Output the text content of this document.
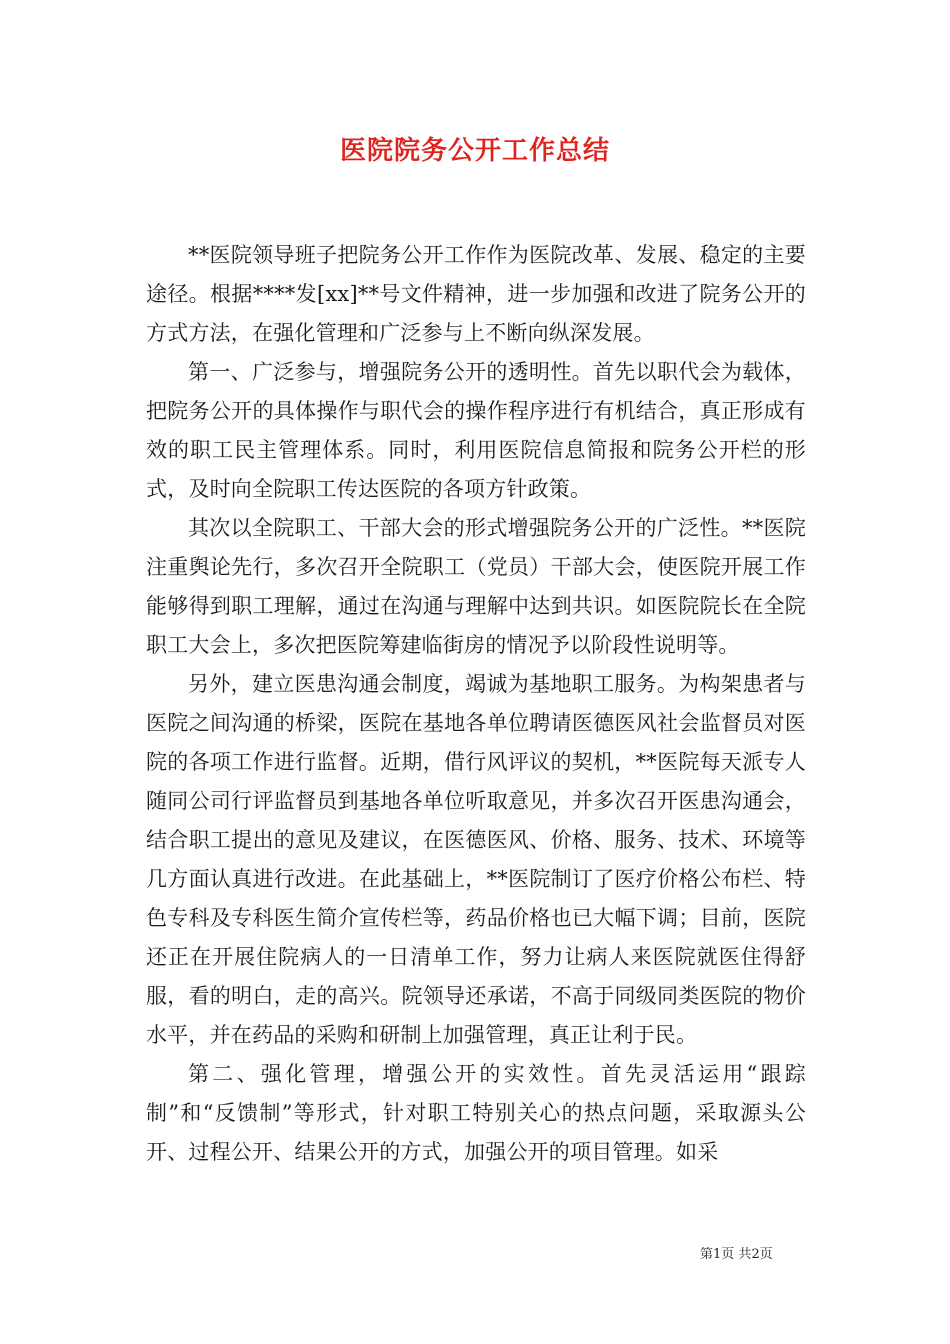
医院院务公开工作总结

**医院领导班子把院务公开工作作为医院改革、发展、稳定的主要途径。根据****发[xx]**号文件精神，进一步加强和改进了院务公开的方式方法，在强化管理和广泛参与上不断向纵深发展。

第一、广泛参与，增强院务公开的透明性。首先以职代会为载体，把院务公开的具体操作与职代会的操作程序进行有机结合，真正形成有效的职工民主管理体系。同时，利用医院信息简报和院务公开栏的形式，及时向全院职工传达医院的各项方针政策。

其次以全院职工、干部大会的形式增强院务公开的广泛性。**医院注重舆论先行，多次召开全院职工（党员）干部大会，使医院开展工作能够得到职工理解，通过在沟通与理解中达到共识。如医院院长在全院职工大会上，多次把医院筹建临街房的情况予以阶段性说明等。

另外，建立医患沟通会制度，竭诚为基地职工服务。为构架患者与医院之间沟通的桥梁，医院在基地各单位聘请医德医风社会监督员对医院的各项工作进行监督。近期，借行风评议的契机，**医院每天派专人随同公司行评监督员到基地各单位听取意见，并多次召开医患沟通会，结合职工提出的意见及建议，在医德医风、价格、服务、技术、环境等几方面认真进行改进。在此基础上，**医院制订了医疗价格公布栏、特色专科及专科医生简介宣传栏等，药品价格也已大幅下调；目前，医院还正在开展住院病人的一日清单工作，努力让病人来医院就医住得舒服，看的明白，走的高兴。院领导还承诺，不高于同级同类医院的物价水平，并在药品的采购和研制上加强管理，真正让利于民。

第二、强化管理，增强公开的实效性。首先灵活运用“跟踪制”和“反馈制”等形式，针对职工特别关心的热点问题，采取源头公开、过程公开、结果公开的方式，加强公开的项目管理。如采

第1页 共2页
